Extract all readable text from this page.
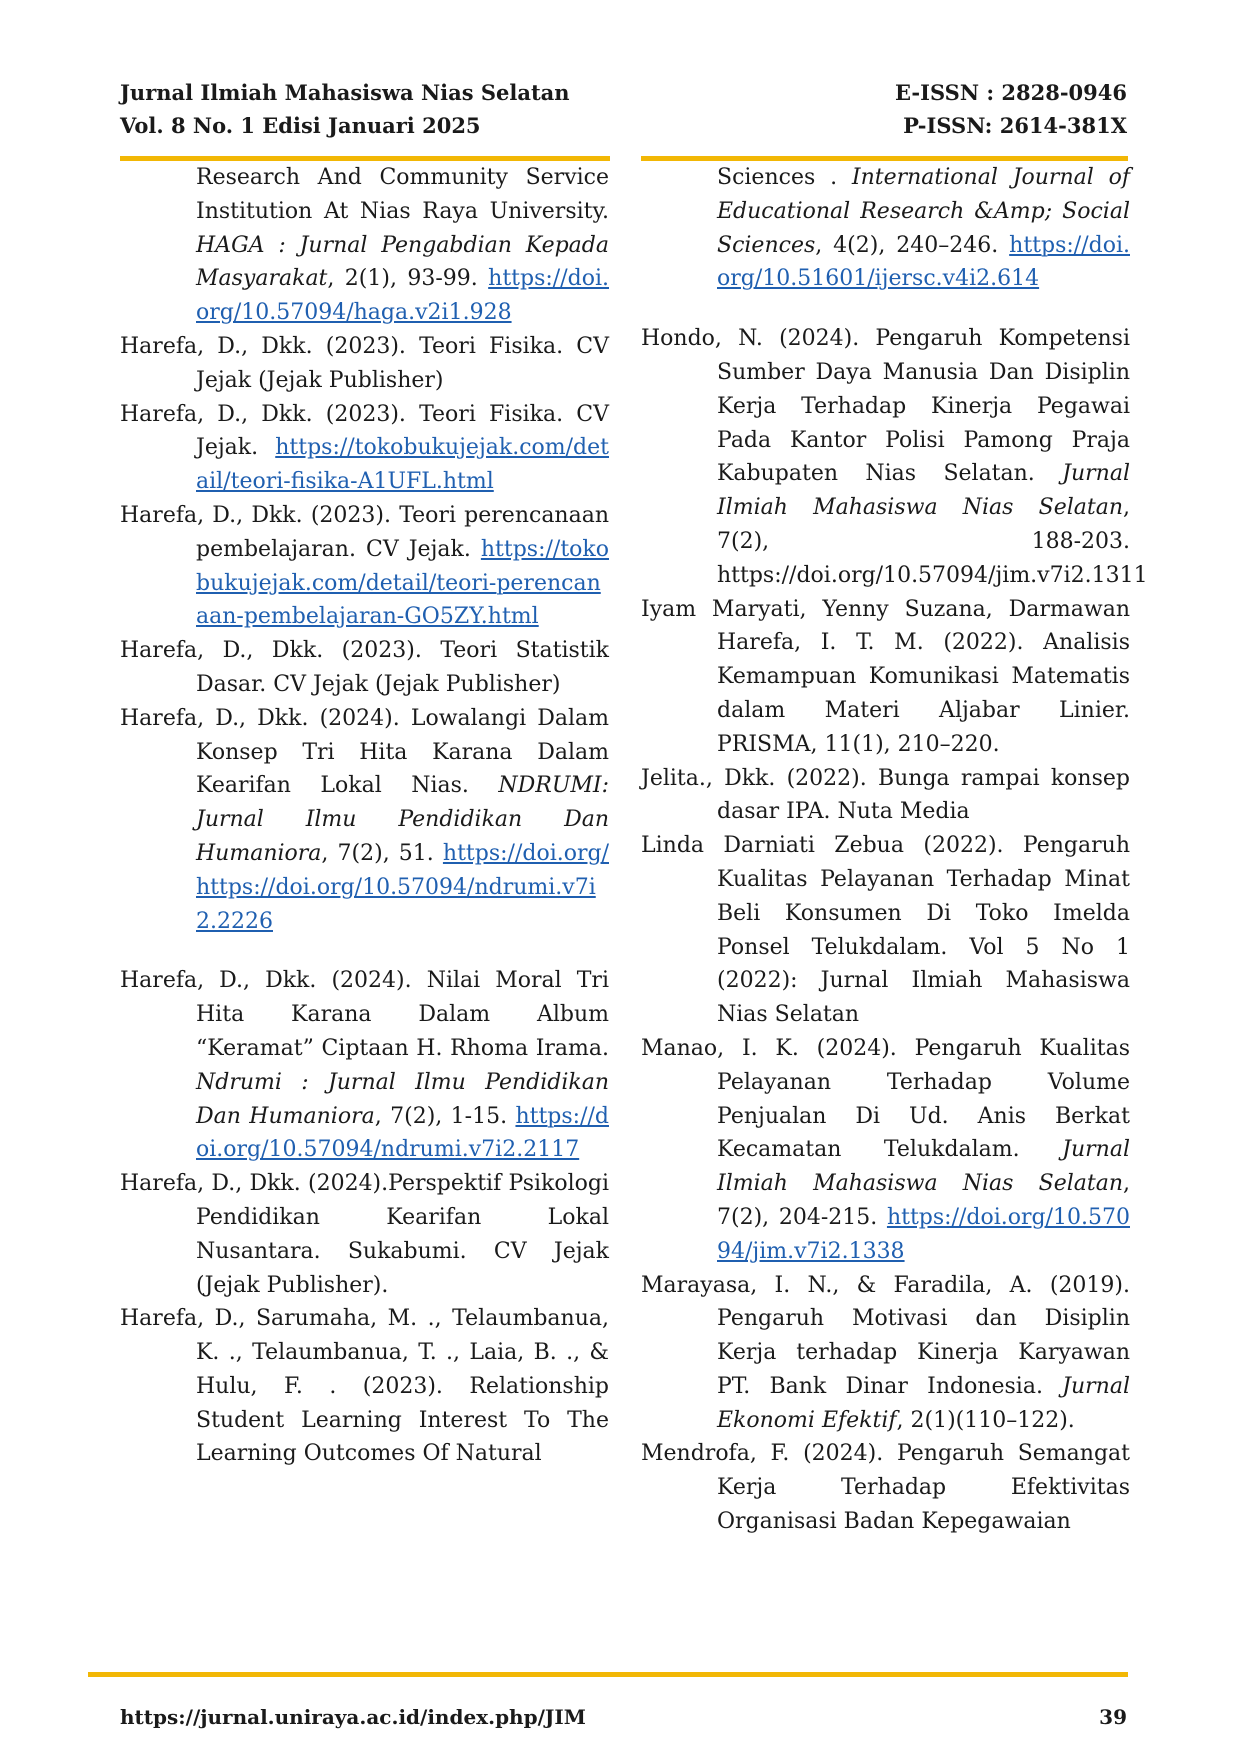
Jurnal Ilmiah Mahasiswa Nias Selatan
Vol. 8 No. 1 Edisi Januari 2025
E-ISSN : 2828-0946
P-ISSN: 2614-381X

Research And Community Service Institution At Nias Raya University. HAGA : Jurnal Pengabdian Kepada Masyarakat, 2(1), 93-99. https://doi.org/10.57094/haga.v2i1.928

Harefa, D., Dkk. (2023). Teori Fisika. CV Jejak (Jejak Publisher)

Harefa, D., Dkk. (2023). Teori Fisika. CV Jejak. https://tokobukujejak.com/detail/teori-fisika-A1UFL.html

Harefa, D., Dkk. (2023). Teori perencanaan pembelajaran. CV Jejak. https://tokobukujejak.com/detail/teori-perencanaan-pembelajaran-GO5ZY.html

Harefa, D., Dkk. (2023). Teori Statistik Dasar. CV Jejak (Jejak Publisher)

Harefa, D., Dkk. (2024). Lowalangi Dalam Konsep Tri Hita Karana Dalam Kearifan Lokal Nias. NDRUMI: Jurnal Ilmu Pendidikan Dan Humaniora, 7(2), 51. https://doi.org/https://doi.org/10.57094/ndrumi.v7i2.2226

Harefa, D., Dkk. (2024). Nilai Moral Tri Hita Karana Dalam Album “Keramat” Ciptaan H. Rhoma Irama. Ndrumi : Jurnal Ilmu Pendidikan Dan Humaniora, 7(2), 1-15. https://doi.org/10.57094/ndrumi.v7i2.2117

Harefa, D., Dkk. (2024).Perspektif Psikologi Pendidikan Kearifan Lokal Nusantara. Sukabumi. CV Jejak (Jejak Publisher).

Harefa, D., Sarumaha, M. ., Telaumbanua, K. ., Telaumbanua, T. ., Laia, B. ., & Hulu, F. . (2023). Relationship Student Learning Interest To The Learning Outcomes Of Natural

Sciences . International Journal of Educational Research &Amp; Social Sciences, 4(2), 240–246. https://doi.org/10.51601/ijersc.v4i2.614

Hondo, N. (2024). Pengaruh Kompetensi Sumber Daya Manusia Dan Disiplin Kerja Terhadap Kinerja Pegawai Pada Kantor Polisi Pamong Praja Kabupaten Nias Selatan. Jurnal Ilmiah Mahasiswa Nias Selatan, 7(2), 188-203. https://doi.org/10.57094/jim.v7i2.1311

Iyam Maryati, Yenny Suzana, Darmawan Harefa, I. T. M. (2022). Analisis Kemampuan Komunikasi Matematis dalam Materi Aljabar Linier. PRISMA, 11(1), 210–220.

Jelita., Dkk. (2022). Bunga rampai konsep dasar IPA. Nuta Media

Linda Darniati Zebua (2022). Pengaruh Kualitas Pelayanan Terhadap Minat Beli Konsumen Di Toko Imelda Ponsel Telukdalam. Vol 5 No 1 (2022): Jurnal Ilmiah Mahasiswa Nias Selatan

Manao, I. K. (2024). Pengaruh Kualitas Pelayanan Terhadap Volume Penjualan Di Ud. Anis Berkat Kecamatan Telukdalam. Jurnal Ilmiah Mahasiswa Nias Selatan, 7(2), 204-215. https://doi.org/10.57094/jim.v7i2.1338

Marayasa, I. N., & Faradila, A. (2019). Pengaruh Motivasi dan Disiplin Kerja terhadap Kinerja Karyawan PT. Bank Dinar Indonesia. Jurnal Ekonomi Efektif, 2(1)(110–122).

Mendrofa, F. (2024). Pengaruh Semangat Kerja Terhadap Efektivitas Organisasi Badan Kepegawaian

https://jurnal.uniraya.ac.id/index.php/JIM	39
